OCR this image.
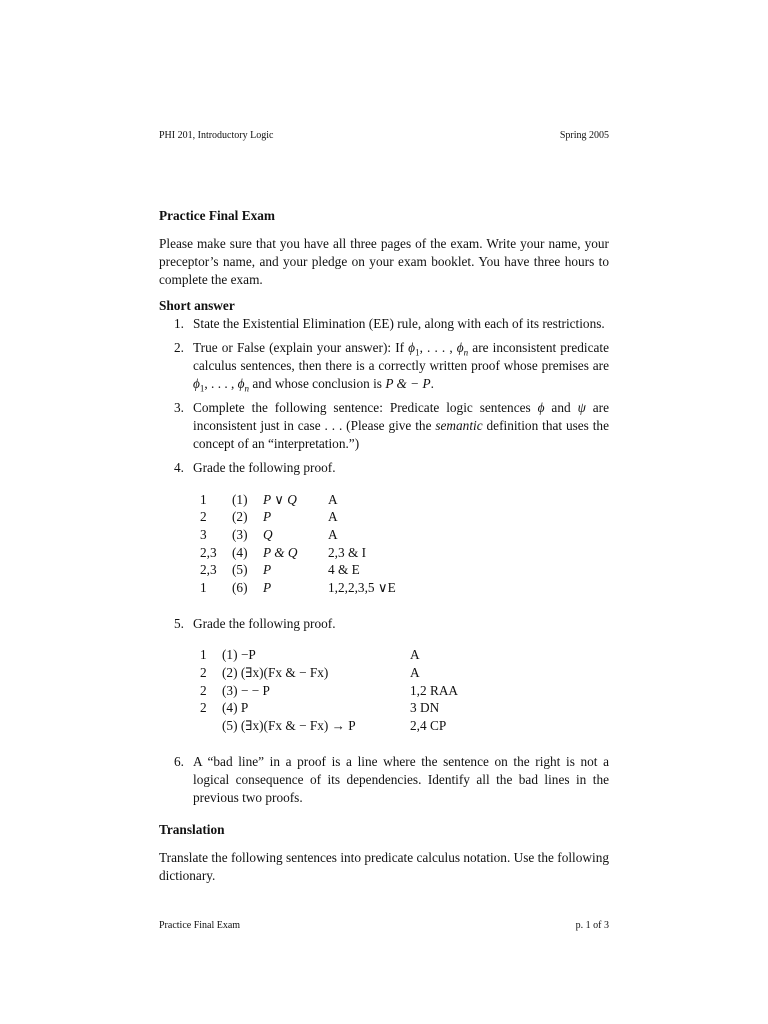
PHI 201, Introductory Logic	Spring 2005
Practice Final Exam

Please make sure that you have all three pages of the exam. Write your name, your preceptor’s name, and your pledge on your exam booklet. You have three hours to complete the exam.

Short answer
1. State the Existential Elimination (EE) rule, along with each of its restrictions.
2. True or False (explain your answer): If $\phi_1$, . . . , $\phi_n$ are inconsistent predicate calculus sentences, then there is a correctly written proof whose premises are $\phi_1$, . . . , $\phi_n$ and whose conclusion is P & − P.
3. Complete the following sentence: Predicate logic sentences ϕ and ψ are inconsistent just in case . . . (Please give the semantic definition that uses the concept of an “interpretation.”)
4. Grade the following proof.
1	(1)	P ∨ Q	A
2	(2)	P	A
3	(3)	Q	A
2,3	(4)	P & Q	2,3 & I
2,3	(5)	P	4 & E
1	(6)	P	1,2,2,3,5 ∨E
5. Grade the following proof.
1	(1) −P	A
2	(2) (∃x)(Fx & − Fx)	A
2	(3) − − P	1,2 RAA
2	(4) P	3 DN
(5) (∃x)(Fx & − Fx) → P	2,4 CP
6. A “bad line” in a proof is a line where the sentence on the right is not a logical consequence of its dependencies. Identify all the bad lines in the previous two proofs.
Translation

Translate the following sentences into predicate calculus notation. Use the following dictionary.

Practice Final Exam	p. 1 of 3
